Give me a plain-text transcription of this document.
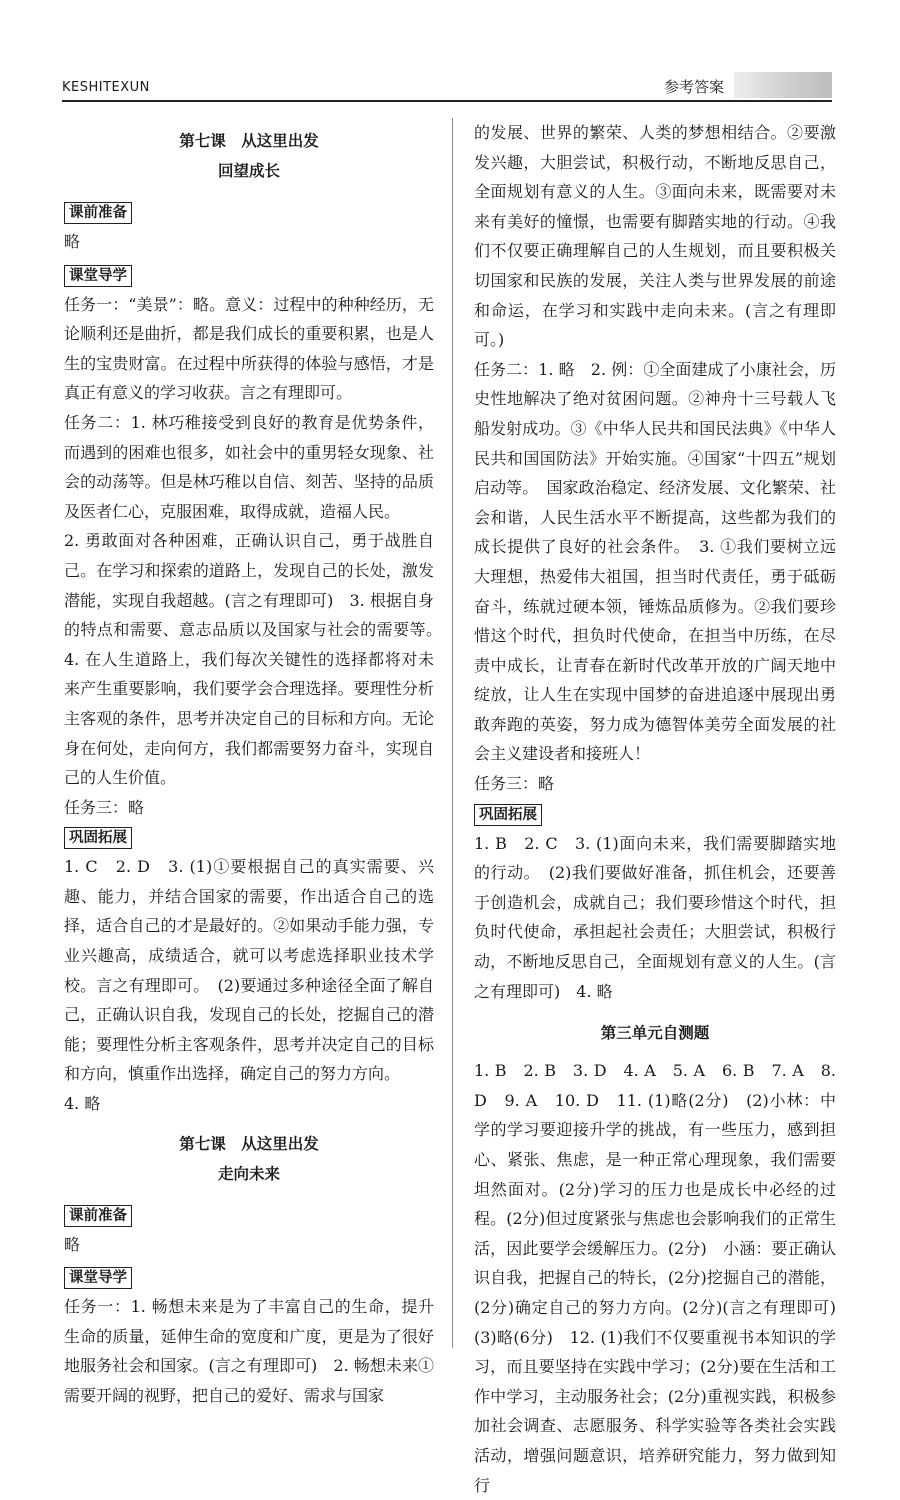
KESHITEXUN	参考答案

第七课　从这里出发

回望成长

课前准备

略

课堂导学

任务一：“美景”：略。意义：过程中的种种经历，无论顺利还是曲折，都是我们成长的重要积累，也是人生的宝贵财富。在过程中所获得的体验与感悟，才是真正有意义的学习收获。言之有理即可。

任务二：1. 林巧稚接受到良好的教育是优势条件，而遇到的困难也很多，如社会中的重男轻女现象、社会的动荡等。但是林巧稚以自信、刻苦、坚持的品质及医者仁心，克服困难，取得成就，造福人民。

2. 勇敢面对各种困难，正确认识自己，勇于战胜自己。在学习和探索的道路上，发现自己的长处，激发潜能，实现自我超越。(言之有理即可)　3. 根据自身的特点和需要、意志品质以及国家与社会的需要等。　4. 在人生道路上，我们每次关键性的选择都将对未来产生重要影响，我们要学会合理选择。要理性分析主客观的条件，思考并决定自己的目标和方向。无论身在何处，走向何方，我们都需要努力奋斗，实现自己的人生价值。

任务三：略

巩固拓展

1. C　2. D　3. (1)①要根据自己的真实需要、兴趣、能力，并结合国家的需要，作出适合自己的选择，适合自己的才是最好的。②如果动手能力强，专业兴趣高，成绩适合，就可以考虑选择职业技术学校。言之有理即可。　(2)要通过多种途径全面了解自己，正确认识自我，发现自己的长处，挖掘自己的潜能；要理性分析主客观条件，思考并决定自己的目标和方向，慎重作出选择，确定自己的努力方向。

4. 略

第七课　从这里出发

走向未来

课前准备

略

课堂导学

任务一：1. 畅想未来是为了丰富自己的生命，提升生命的质量，延伸生命的宽度和广度，更是为了很好地服务社会和国家。(言之有理即可)　2. 畅想未来①需要开阔的视野，把自己的爱好、需求与国家

的发展、世界的繁荣、人类的梦想相结合。②要激发兴趣，大胆尝试，积极行动，不断地反思自己，全面规划有意义的人生。③面向未来，既需要对未来有美好的憧憬，也需要有脚踏实地的行动。④我们不仅要正确理解自己的人生规划，而且要积极关切国家和民族的发展，关注人类与世界发展的前途和命运，在学习和实践中走向未来。(言之有理即可。)

任务二：1. 略　2. 例：①全面建成了小康社会，历史性地解决了绝对贫困问题。②神舟十三号载人飞船发射成功。③《中华人民共和国民法典》《中华人民共和国国防法》开始实施。④国家“十四五”规划启动等。　国家政治稳定、经济发展、文化繁荣、社会和谐，人民生活水平不断提高，这些都为我们的成长提供了良好的社会条件。　3. ①我们要树立远大理想，热爱伟大祖国，担当时代责任，勇于砥砺奋斗，练就过硬本领，锤炼品质修为。②我们要珍惜这个时代，担负时代使命，在担当中历练，在尽责中成长，让青春在新时代改革开放的广阔天地中绽放，让人生在实现中国梦的奋进追逐中展现出勇敢奔跑的英姿，努力成为德智体美劳全面发展的社会主义建设者和接班人！

任务三：略

巩固拓展

1. B　2. C　3. (1)面向未来，我们需要脚踏实地的行动。　(2)我们要做好准备，抓住机会，还要善于创造机会，成就自己；我们要珍惜这个时代，担负时代使命，承担起社会责任；大胆尝试，积极行动，不断地反思自己，全面规划有意义的人生。(言之有理即可)　4. 略

第三单元自测题

1. B　2. B　3. D　4. A　5. A　6. B　7. A　8. D　9. A　10. D　11. (1)略(2分)　(2)小林：中学的学习要迎接升学的挑战，有一些压力，感到担心、紧张、焦虑，是一种正常心理现象，我们需要坦然面对。(2分)学习的压力也是成长中必经的过程。(2分)但过度紧张与焦虑也会影响我们的正常生活，因此要学会缓解压力。(2分)　小涵：要正确认识自我，把握自己的特长，(2分)挖掘自己的潜能，(2分)确定自己的努力方向。(2分)(言之有理即可)　(3)略(6分)　12. (1)我们不仅要重视书本知识的学习，而且要坚持在实践中学习；(2分)要在生活和工作中学习，主动服务社会；(2分)重视实践，积极参加社会调查、志愿服务、科学实验等各类社会实践活动，增强问题意识，培养研究能力，努力做到知行
